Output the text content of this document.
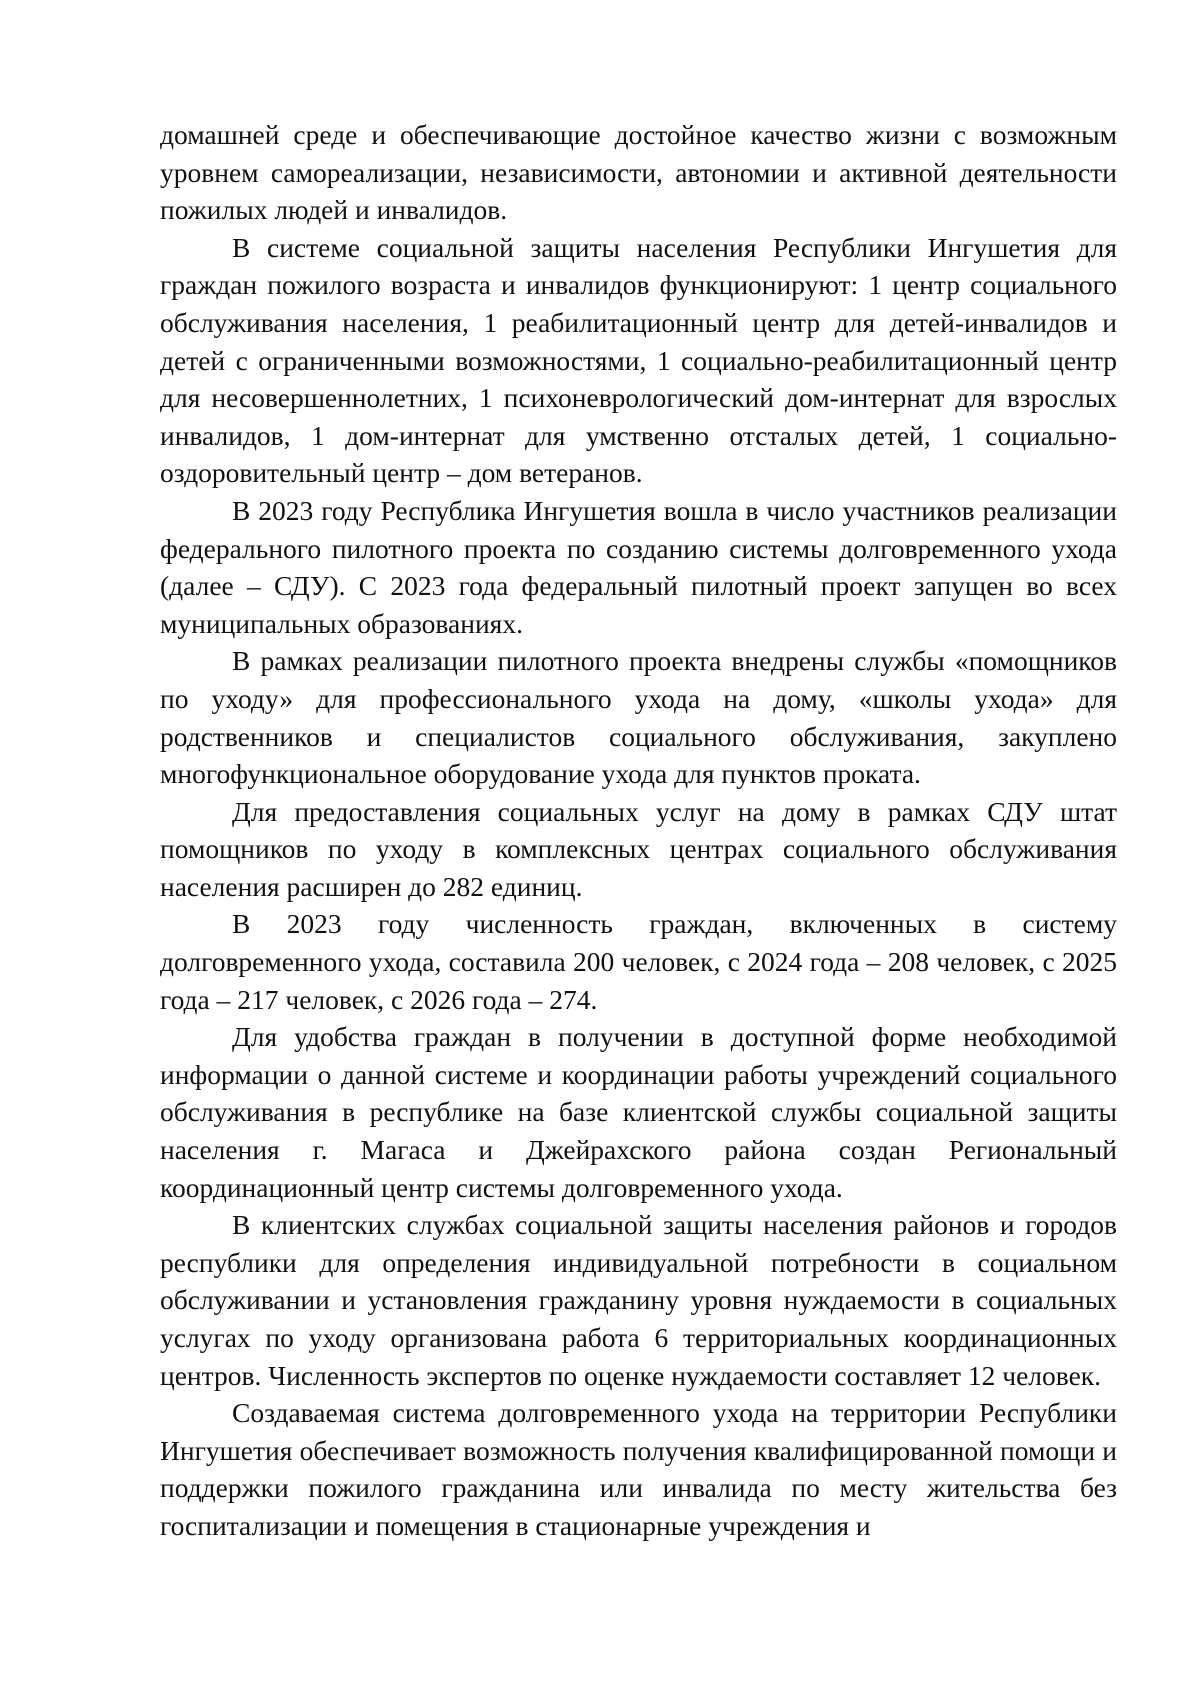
домашней среде и обеспечивающие достойное качество жизни с возможным уровнем самореализации, независимости, автономии и активной деятельности пожилых людей и инвалидов.

В системе социальной защиты населения Республики Ингушетия для граждан пожилого возраста и инвалидов функционируют: 1 центр социального обслуживания населения, 1 реабилитационный центр для детей-инвалидов и детей с ограниченными возможностями, 1 социально-реабилитационный центр для несовершеннолетних, 1 психоневрологический дом-интернат для взрослых инвалидов, 1 дом-интернат для умственно отсталых детей, 1 социально-оздоровительный центр – дом ветеранов.

В 2023 году Республика Ингушетия вошла в число участников реализации федерального пилотного проекта по созданию системы долговременного ухода (далее – СДУ). С 2023 года федеральный пилотный проект запущен во всех муниципальных образованиях.

В рамках реализации пилотного проекта внедрены службы «помощников по уходу» для профессионального ухода на дому, «школы ухода» для родственников и специалистов социального обслуживания, закуплено многофункциональное оборудование ухода для пунктов проката.

Для предоставления социальных услуг на дому в рамках СДУ штат помощников по уходу в комплексных центрах социального обслуживания населения расширен до 282 единиц.

В 2023 году численность граждан, включенных в систему долговременного ухода, составила 200 человек, с 2024 года – 208 человек, с 2025 года – 217 человек, с 2026 года – 274.

Для удобства граждан в получении в доступной форме необходимой информации о данной системе и координации работы учреждений социального обслуживания в республике на базе клиентской службы социальной защиты населения г. Магаса и Джейрахского района создан Региональный координационный центр системы долговременного ухода.

В клиентских службах социальной защиты населения районов и городов республики для определения индивидуальной потребности в социальном обслуживании и установления гражданину уровня нуждаемости в социальных услугах по уходу организована работа 6 территориальных координационных центров. Численность экспертов по оценке нуждаемости составляет 12 человек.

Создаваемая система долговременного ухода на территории Республики Ингушетия обеспечивает возможность получения квалифицированной помощи и поддержки пожилого гражданина или инвалида по месту жительства без госпитализации и помещения в стационарные учреждения и
